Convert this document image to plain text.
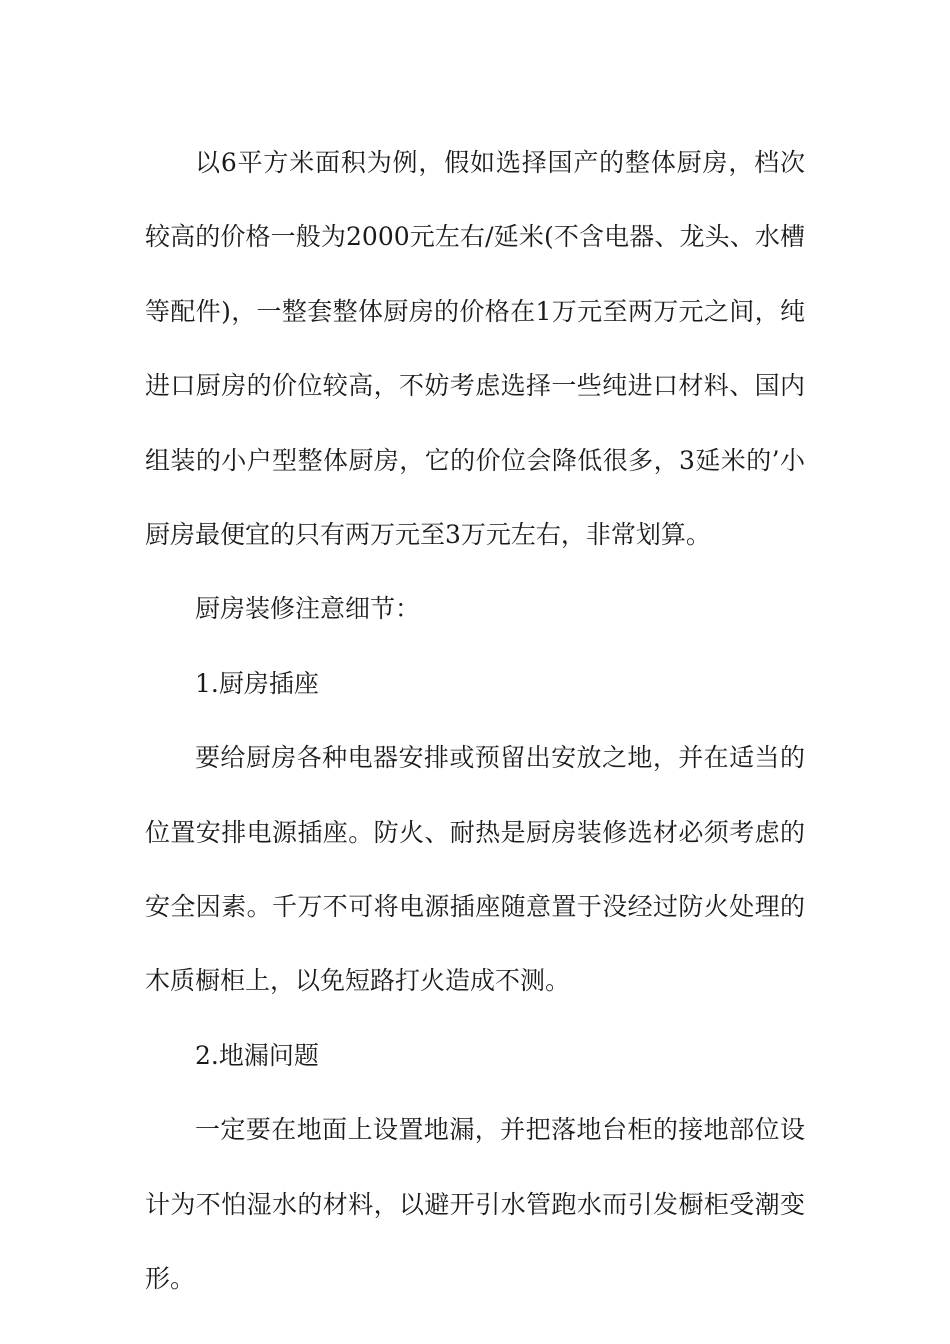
以6平方米面积为例，假如选择国产的整体厨房，档次较高的价格一般为2000元左右/延米(不含电器、龙头、水槽等配件)，一整套整体厨房的价格在1万元至两万元之间，纯进口厨房的价位较高，不妨考虑选择一些纯进口材料、国内组装的小户型整体厨房，它的价位会降低很多，3延米的’小厨房最便宜的只有两万元至3万元左右，非常划算。

厨房装修注意细节：

1.厨房插座

要给厨房各种电器安排或预留出安放之地，并在适当的位置安排电源插座。防火、耐热是厨房装修选材必须考虑的安全因素。千万不可将电源插座随意置于没经过防火处理的木质橱柜上，以免短路打火造成不测。

2.地漏问题

一定要在地面上设置地漏，并把落地台柜的接地部位设计为不怕湿水的材料，以避开引水管跑水而引发橱柜受潮变形。
